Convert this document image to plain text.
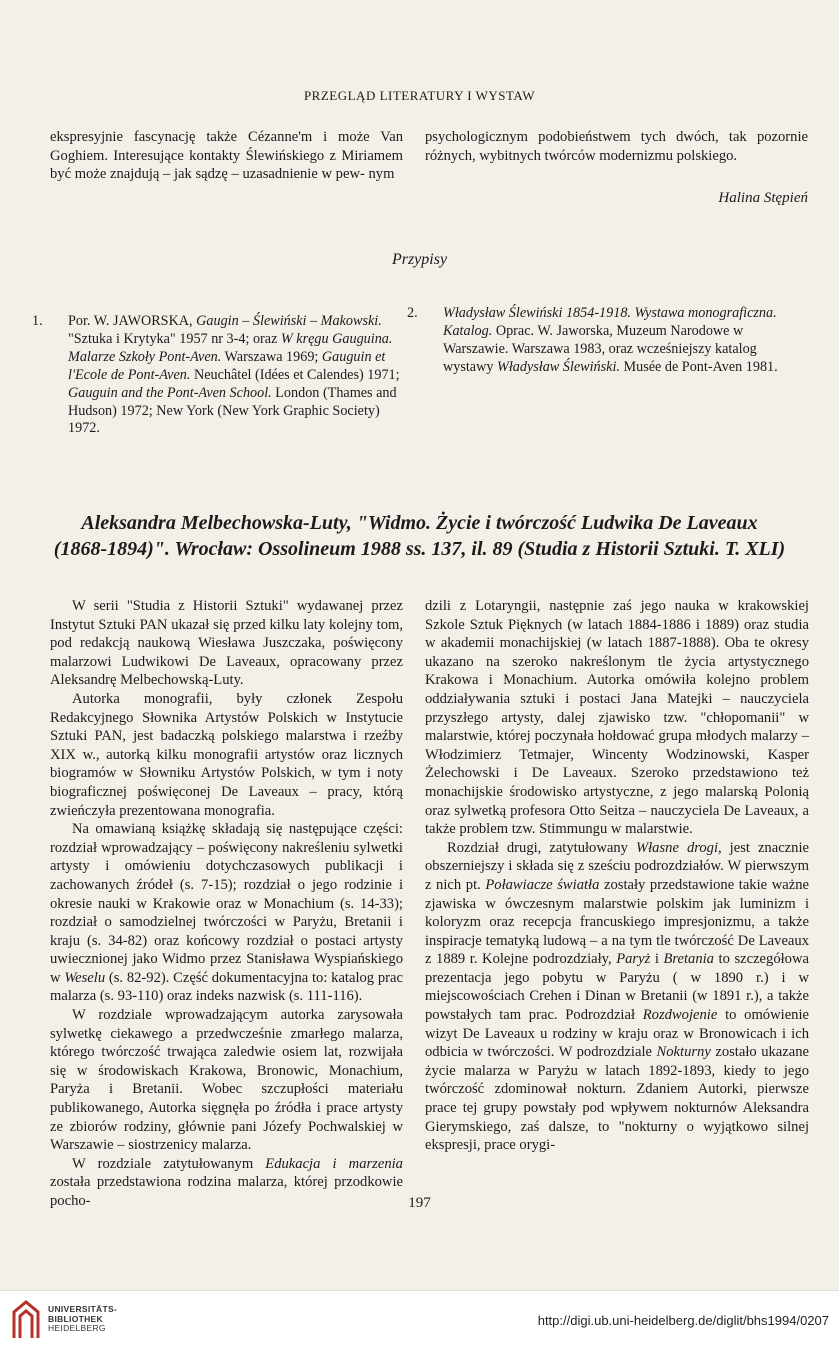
PRZEGLĄD LITERATURY I WYSTAW

ekspresyjnie fascynację także Cézanne'm i może Van Goghiem. Interesujące kontakty Ślewińskiego z Miriamem być może znajdują – jak sądzę – uzasadnienie w pew- nym

psychologicznym podobieństwem tych dwóch, tak pozornie różnych, wybitnych twórców modernizmu polskiego.

Halina Stępień
Przypisy

1. Por. W. JAWORSKA, Gaugin – Ślewiński – Makowski. "Sztuka i Krytyka" 1957 nr 3-4; oraz W kręgu Gauguina. Malarze Szkoły Pont-Aven. Warszawa 1969; Gauguin et l'Ecole de Pont-Aven. Neuchâtel (Idées et Calendes) 1971; Gauguin and the Pont-Aven School. London (Thames and Hudson) 1972; New York (New York Graphic Society) 1972.

2. Władysław Ślewiński 1854-1918. Wystawa monograficzna. Katalog. Oprac. W. Jaworska, Muzeum Narodowe w Warszawie. Warszawa 1983, oraz wcześniejszy katalog wystawy Władysław Ślewiński. Musée de Pont-Aven 1981.

Aleksandra Melbechowska-Luty, "Widmo. Życie i twórczość Ludwika De Laveaux
(1868-1894)". Wrocław: Ossolineum 1988 ss. 137, il. 89 (Studia z Historii Sztuki. T. XLI)

W serii "Studia z Historii Sztuki" wydawanej przez Instytut Sztuki PAN ukazał się przed kilku laty kolejny tom, pod redakcją naukową Wiesława Juszczaka, poświęcony malarzowi Ludwikowi De Laveaux, opracowany przez Aleksandrę Melbechowską-Luty.

Autorka monografii, były członek Zespołu Redakcyjnego Słownika Artystów Polskich w Instytucie Sztuki PAN, jest badaczką polskiego malarstwa i rzeźby XIX w., autorką kilku monografii artystów oraz licznych biogramów w Słowniku Artystów Polskich, w tym i noty biograficznej poświęconej De Laveaux – pracy, którą zwieńczyła prezentowana monografia.

Na omawianą książkę składają się następujące części: rozdział wprowadzający – poświęcony nakreśleniu sylwetki artysty i omówieniu dotychczasowych publikacji i zachowanych źródeł (s. 7-15); rozdział o jego rodzinie i okresie nauki w Krakowie oraz w Monachium (s. 14-33); rozdział o samodzielnej twórczości w Paryżu, Bretanii i kraju (s. 34-82) oraz końcowy rozdział o postaci artysty uwiecznionej jako Widmo przez Stanisława Wyspiańskiego w Weselu (s. 82-92). Część dokumentacyjna to: katalog prac malarza (s. 93-110) oraz indeks nazwisk (s. 111-116).

W rozdziale wprowadzającym autorka zarysowała sylwetkę ciekawego a przedwcześnie zmarłego malarza, którego twórczość trwająca zaledwie osiem lat, rozwijała się w środowiskach Krakowa, Bronowic, Monachium, Paryża i Bretanii. Wobec szczupłości materiału publikowanego, Autorka sięgnęła po źródła i prace artysty ze zbiorów rodziny, głównie pani Józefy Pochwalskiej w Warszawie – siostrzenicy malarza.

W rozdziale zatytułowanym Edukacja i marzenia została przedstawiona rodzina malarza, której przodkowie pocho-

dzili z Lotaryngii, następnie zaś jego nauka w krakowskiej Szkole Sztuk Pięknych (w latach 1884-1886 i 1889) oraz studia w akademii monachijskiej (w latach 1887-1888). Oba te okresy ukazano na szeroko nakreślonym tle życia artystycznego Krakowa i Monachium. Autorka omówiła kolejno problem oddziaływania sztuki i postaci Jana Matejki – nauczyciela przyszłego artysty, dalej zjawisko tzw. "chłopomanii" w malarstwie, której poczynała hołdować grupa młodych malarzy – Włodzimierz Tetmajer, Wincenty Wodzinowski, Kasper Żelechowski i De Laveaux. Szeroko przedstawiono też monachijskie środowisko artystyczne, z jego malarską Polonią oraz sylwetką profesora Otto Seitza – nauczyciela De Laveaux, a także problem tzw. Stimmungu w malarstwie.

Rozdział drugi, zatytułowany Własne drogi, jest znacznie obszerniejszy i składa się z sześciu podrozdziałów. W pierwszym z nich pt. Poławiacze światła zostały przedstawione takie ważne zjawiska w ówczesnym malarstwie polskim jak luminizm i koloryzm oraz recepcja francuskiego impresjonizmu, a także inspiracje tematyką ludową – a na tym tle twórczość De Laveaux z 1889 r. Kolejne podrozdziały, Paryż i Bretania to szczegółowa prezentacja jego pobytu w Paryżu ( w 1890 r.) i w miejscowościach Crehen i Dinan w Bretanii (w 1891 r.), a także powstałych tam prac. Podrozdział Rozdwojenie to omówienie wizyt De Laveaux u rodziny w kraju oraz w Bronowicach i ich odbicia w twórczości. W podrozdziale Nokturny zostało ukazane życie malarza w Paryżu w latach 1892-1893, kiedy to jego twórczość zdominował nokturn. Zdaniem Autorki, pierwsze prace tej grupy powstały pod wpływem nokturnów Aleksandra Gierymskiego, zaś dalsze, to "nokturny o wyjątkowo silnej ekspresji, prace orygi-

197
UNIVERSITÄTS-
BIBLIOTHEK
HEIDELBERG	http://digi.ub.uni-heidelberg.de/diglit/bhs1994/0207
